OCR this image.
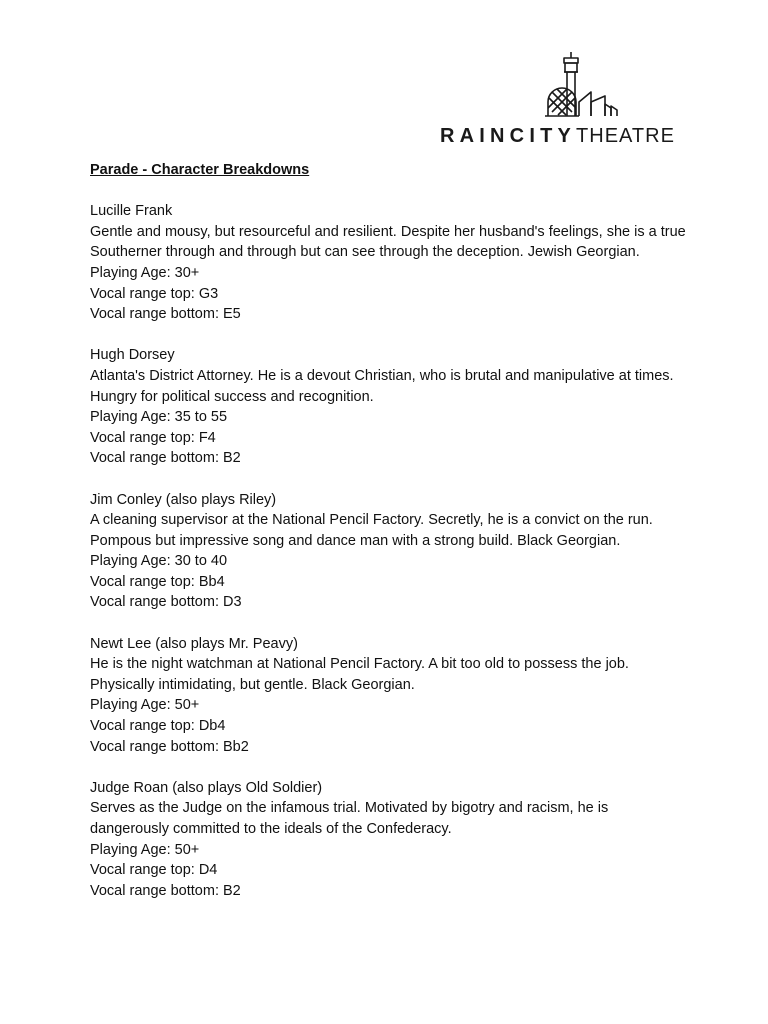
RAINCITYTHEATRE

Parade - Character Breakdowns

Lucille Frank

Gentle and mousy, but resourceful and resilient. Despite her husband's feelings, she is a true Southerner through and through but can see through the deception. Jewish Georgian.

Playing Age: 30+

Vocal range top: G3

Vocal range bottom: E5

Hugh Dorsey

Atlanta's District Attorney. He is a devout Christian, who is brutal and manipulative at times. Hungry for political success and recognition.

Playing Age: 35 to 55

Vocal range top: F4

Vocal range bottom: B2

Jim Conley (also plays Riley)

A cleaning supervisor at the National Pencil Factory. Secretly, he is a convict on the run. Pompous but impressive song and dance man with a strong build. Black Georgian.

Playing Age: 30 to 40

Vocal range top: Bb4

Vocal range bottom: D3

Newt Lee (also plays Mr. Peavy)

He is the night watchman at National Pencil Factory. A bit too old to possess the job. Physically intimidating, but gentle. Black Georgian.

Playing Age: 50+

Vocal range top: Db4

Vocal range bottom: Bb2

Judge Roan (also plays Old Soldier)

Serves as the Judge on the infamous trial. Motivated by bigotry and racism, he is dangerously committed to the ideals of the Confederacy.

Playing Age: 50+

Vocal range top: D4

Vocal range bottom: B2
